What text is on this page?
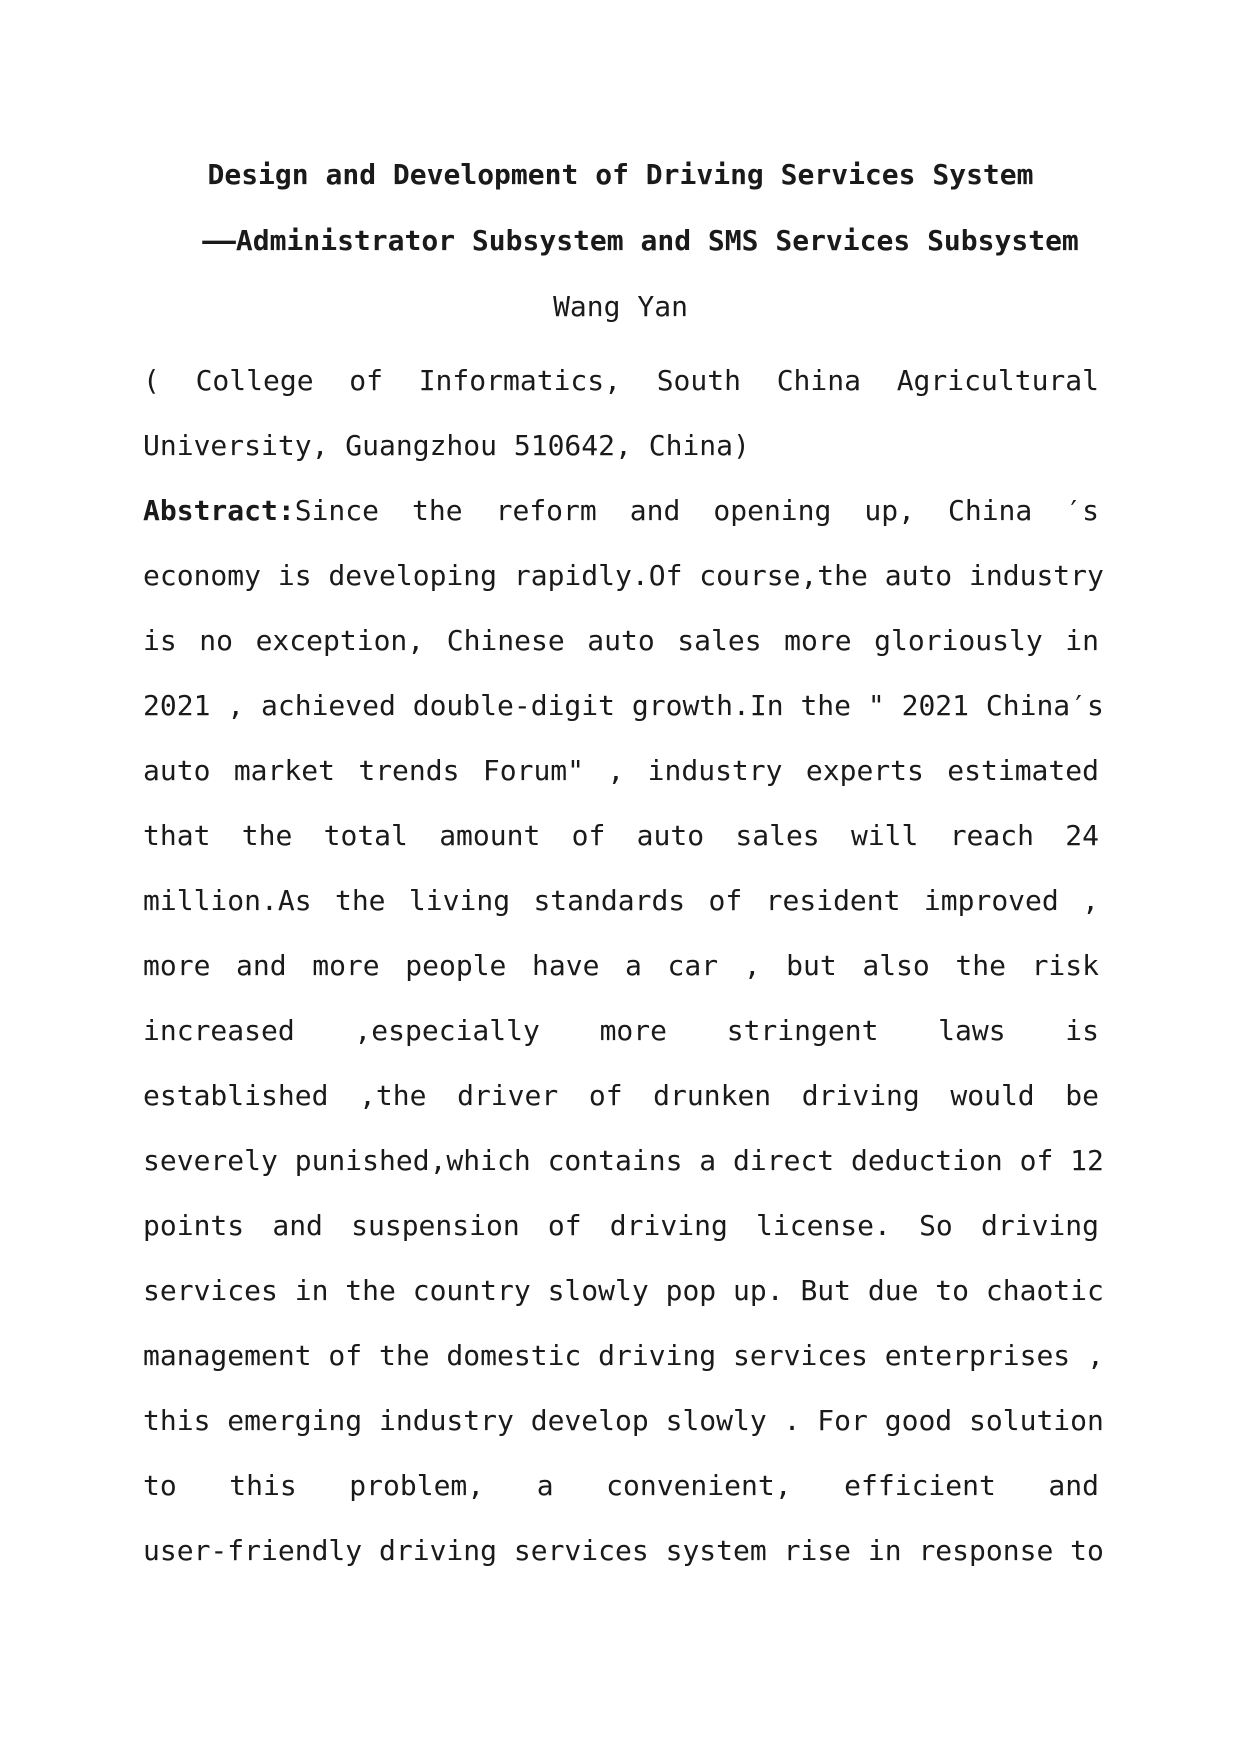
Design and Development of Driving Services System
——Administrator Subsystem and SMS Services Subsystem
Wang Yan
( College of Informatics, South China Agricultural
University, Guangzhou 510642, China)
Abstract:Since the reform and opening up, China ′s
economy is developing rapidly.Of course,the auto industry
is no exception, Chinese auto sales more gloriously in
2021 , achieved double-digit growth.In the " 2021 China′s
auto market trends Forum" , industry experts estimated
that the total amount of auto sales will reach 24
million.As the living standards of resident improved ,
more and more people have a car , but also the risk
increased ,especially more stringent laws is
established ,the driver of drunken driving would be
severely punished,which contains a direct deduction of 12
points and suspension of driving license. So driving
services in the country slowly pop up. But due to chaotic
management of the domestic driving services enterprises ,
this emerging industry develop slowly . For good solution
to this problem, a convenient, efficient and
user-friendly driving services system rise in response to
